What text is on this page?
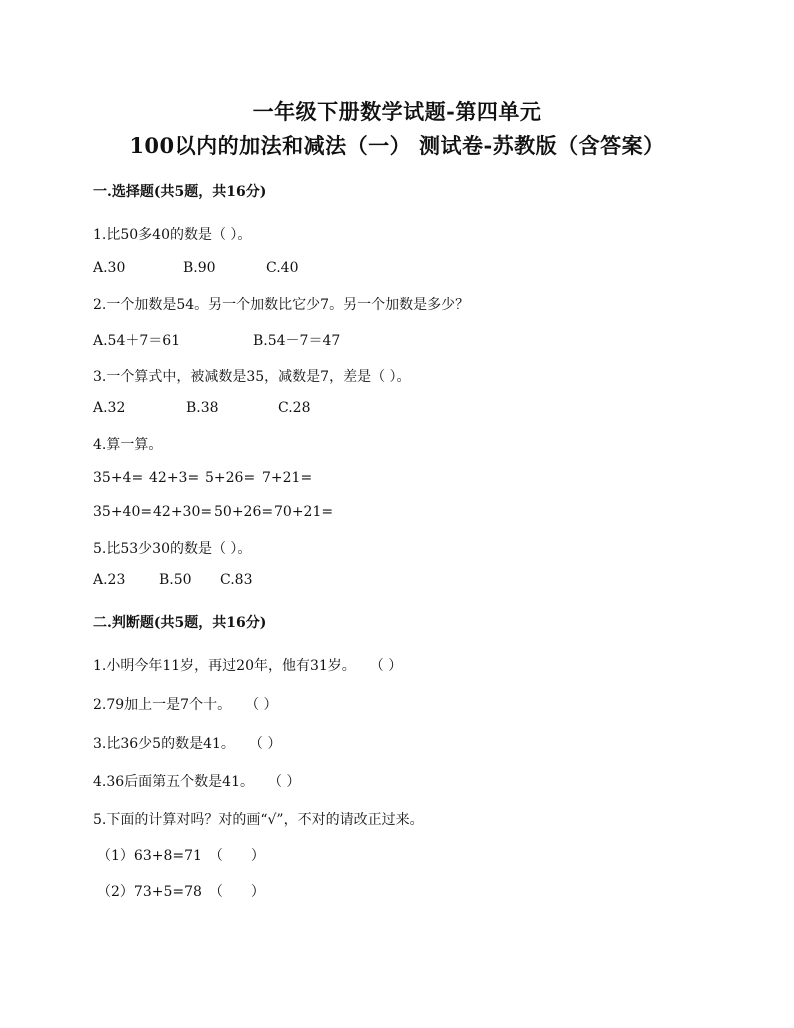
一年级下册数学试题-第四单元
100以内的加法和减法（一） 测试卷-苏教版（含答案）
一.选择题(共5题，共16分)
1.比50多40的数是（ ）。
A.30	B.90	C.40
2.一个加数是54。另一个加数比它少7。另一个加数是多少？
A.54＋7＝61	B.54－7＝47
3.一个算式中，被减数是35，减数是7，差是（ ）。
A.32	B.38	C.28
4.算一算。
35+4= 42+3= 5+26= 7+21=
35+40= 42+30= 50+26= 70+21=
5.比53少30的数是（ ）。
A.23 B.50 C.83
二.判断题(共5题，共16分)
1.小明今年11岁，再过20年，他有31岁。　　（ ）
2.79加上一是7个十。　　（ ）
3.比36少5的数是41。　　（ ）
4.36后面第五个数是41。　　（ ）
5.下面的计算对吗？对的画“√”，不对的请改正过来。
（1）63+8=71　（　　）
（2）73+5=78　（　　）
